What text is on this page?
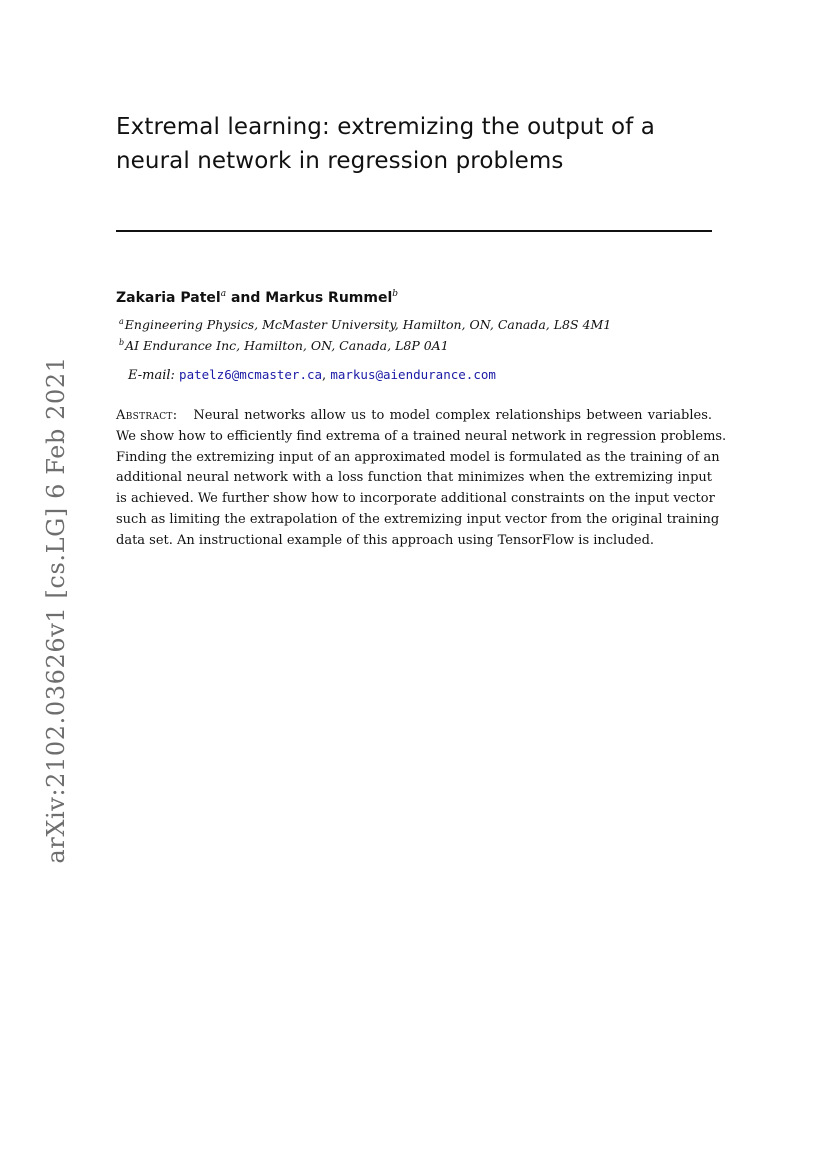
arXiv:2102.03626v1 [cs.LG] 6 Feb 2021
Extremal learning: extremizing the output of a
neural network in regression problems
Zakaria Patel$^a$ and Markus Rummel$^b$
$^a$Engineering Physics, McMaster University, Hamilton, ON, Canada, L8S 4M1
$^b$AI Endurance Inc, Hamilton, ON, Canada, L8P 0A1
E-mail: patelz6@mcmaster.ca, markus@aiendurance.com
Abstract: Neural networks allow us to model complex relationships between variables.
We show how to efficiently find extrema of a trained neural network in regression problems.
Finding the extremizing input of an approximated model is formulated as the training of an
additional neural network with a loss function that minimizes when the extremizing input
is achieved. We further show how to incorporate additional constraints on the input vector
such as limiting the extrapolation of the extremizing input vector from the original training
data set. An instructional example of this approach using TensorFlow is included.
